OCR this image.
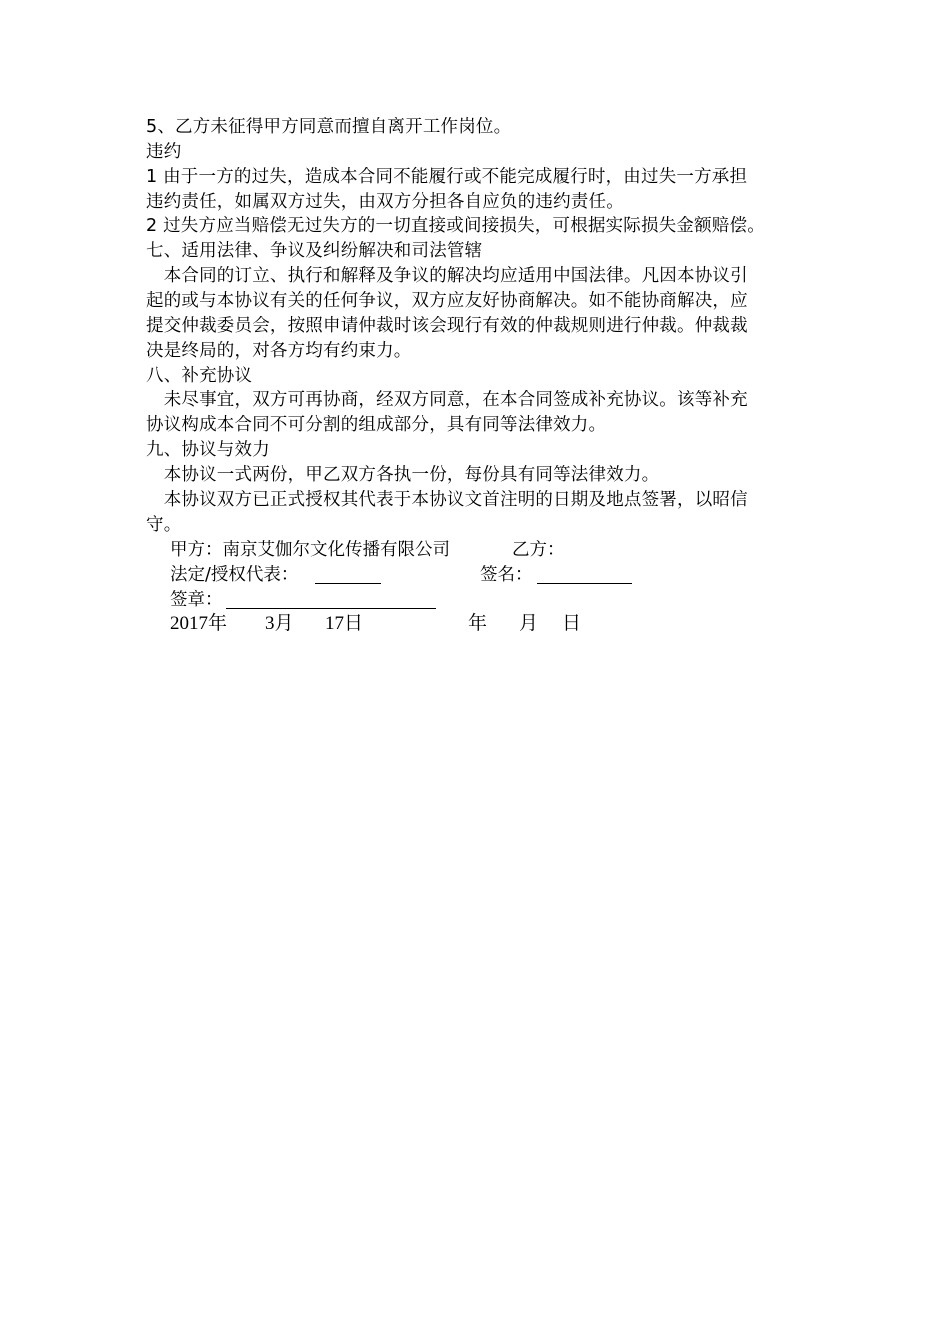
5、乙方未征得甲方同意而擅自离开工作岗位。
违约
1 由于一方的过失，造成本合同不能履行或不能完成履行时，由过失一方承担
违约责任，如属双方过失，由双方分担各自应负的违约责任。
2 过失方应当赔偿无过失方的一切直接或间接损失，可根据实际损失金额赔偿。
七、适用法律、争议及纠纷解决和司法管辖
　本合同的订立、执行和解释及争议的解决均应适用中国法律。凡因本协议引
起的或与本协议有关的任何争议，双方应友好协商解决。如不能协商解决，应
提交仲裁委员会，按照申请仲裁时该会现行有效的仲裁规则进行仲裁。仲裁裁
决是终局的，对各方均有约束力。
八、补充协议
　未尽事宜，双方可再协商，经双方同意，在本合同签成补充协议。该等补充
协议构成本合同不可分割的组成部分，具有同等法律效力。
九、协议与效力
　本协议一式两份，甲乙双方各执一份，每份具有同等法律效力。
　本协议双方已正式授权其代表于本协议文首注明的日期及地点签署，以昭信
守。
甲方：南京艾伽尔文化传播有限公司	乙方：
法定/授权代表：	签名：
签章：
2017年 3月 17日	年 月 日
